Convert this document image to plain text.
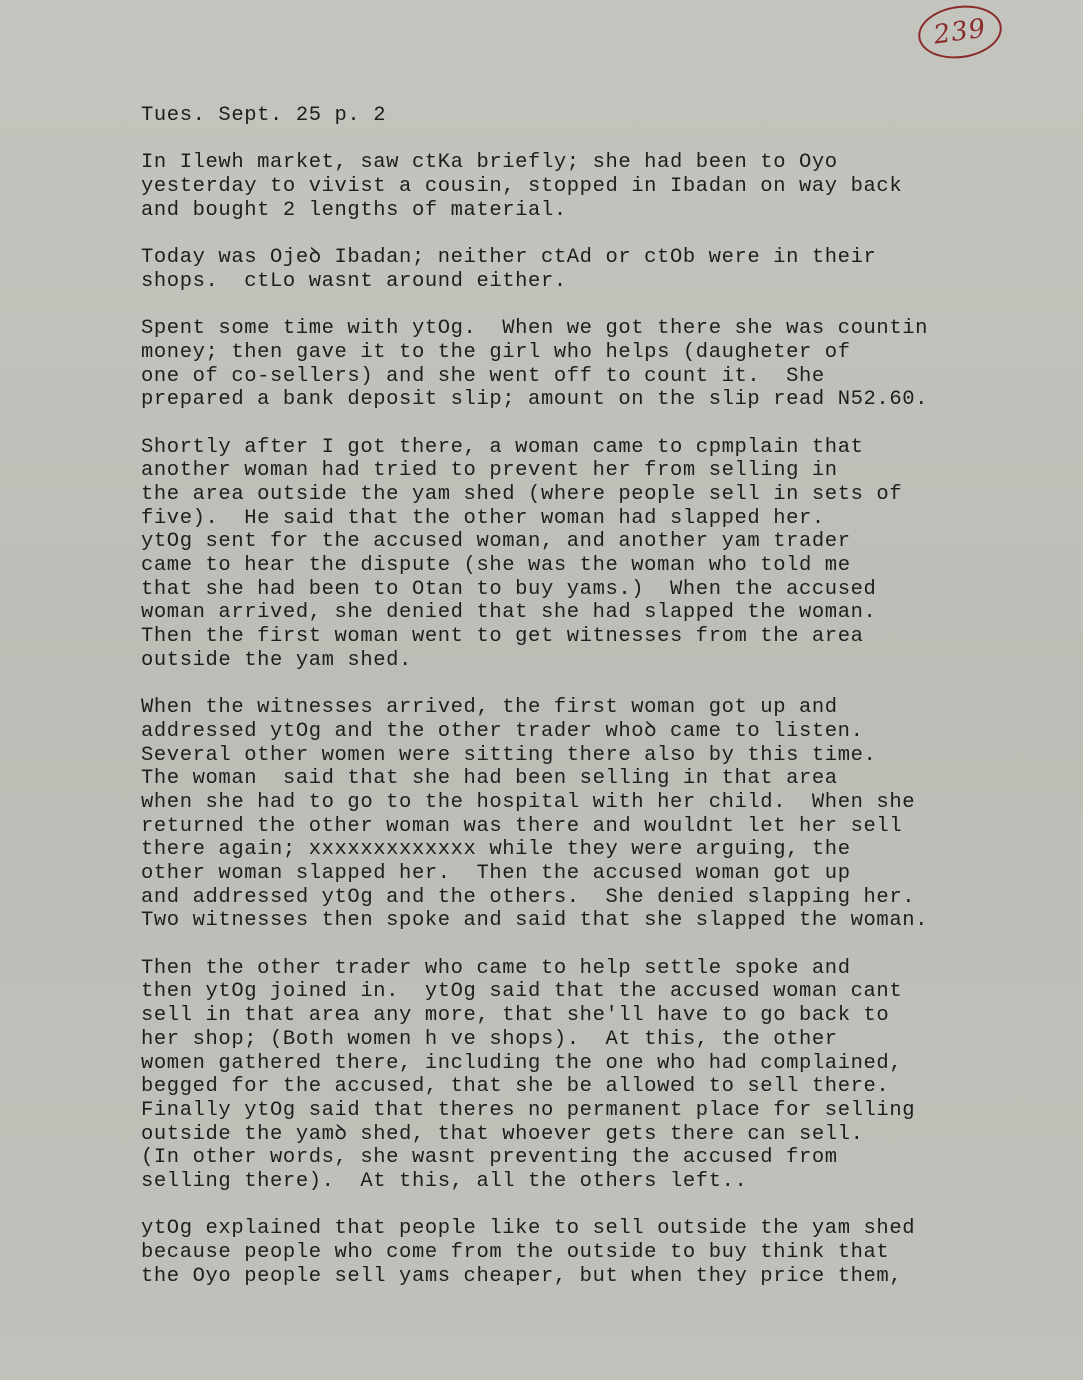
239
Tues. Sept. 25 p. 2
In Ilewh market, saw ctKa briefly; she had been to Oyo
yesterday to vivist a cousin, stopped in Ibadan on way back
and bought 2 lengths of material.
Today was Ojeꝺ Ibadan; neither ctAd or ctOb were in their
shops.  ctLo wasnt around either.
Spent some time with ytOg.  When we got there she was countin
money; then gave it to the girl who helps (daugheter of
one of co-sellers) and she went off to count it.  She
prepared a bank deposit slip; amount on the slip read N52.60.
Shortly after I got there, a woman came to cpmplain that
another woman had tried to prevent her from selling in
the area outside the yam shed (where people sell in sets of
five).  He said that the other woman had slapped her.
ytOg sent for the accused woman, and another yam trader
came to hear the dispute (she was the woman who told me
that she had been to Otan to buy yams.)  When the accused
woman arrived, she denied that she had slapped the woman.
Then the first woman went to get witnesses from the area
outside the yam shed.
When the witnesses arrived, the first woman got up and
addressed ytOg and the other trader whoꝺ came to listen.
Several other women were sitting there also by this time.
The woman  said that she had been selling in that area
when she had to go to the hospital with her child.  When she
returned the other woman was there and wouldnt let her sell
there again; xxxxxxxxxxxxx while they were arguing, the
other woman slapped her.  Then the accused woman got up
and addressed ytOg and the others.  She denied slapping her.
Two witnesses then spoke and said that she slapped the woman.
Then the other trader who came to help settle spoke and
then ytOg joined in.  ytOg said that the accused woman cant
sell in that area any more, that she'll have to go back to
her shop; (Both women h ve shops).  At this, the other
women gathered there, including the one who had complained,
begged for the accused, that she be allowed to sell there.
Finally ytOg said that theres no permanent place for selling
outside the yamꝺ shed, that whoever gets there can sell.
(In other words, she wasnt preventing the accused from
selling there).  At this, all the others left..
ytOg explained that people like to sell outside the yam shed
because people who come from the outside to buy think that
the Oyo people sell yams cheaper, but when they price them,
